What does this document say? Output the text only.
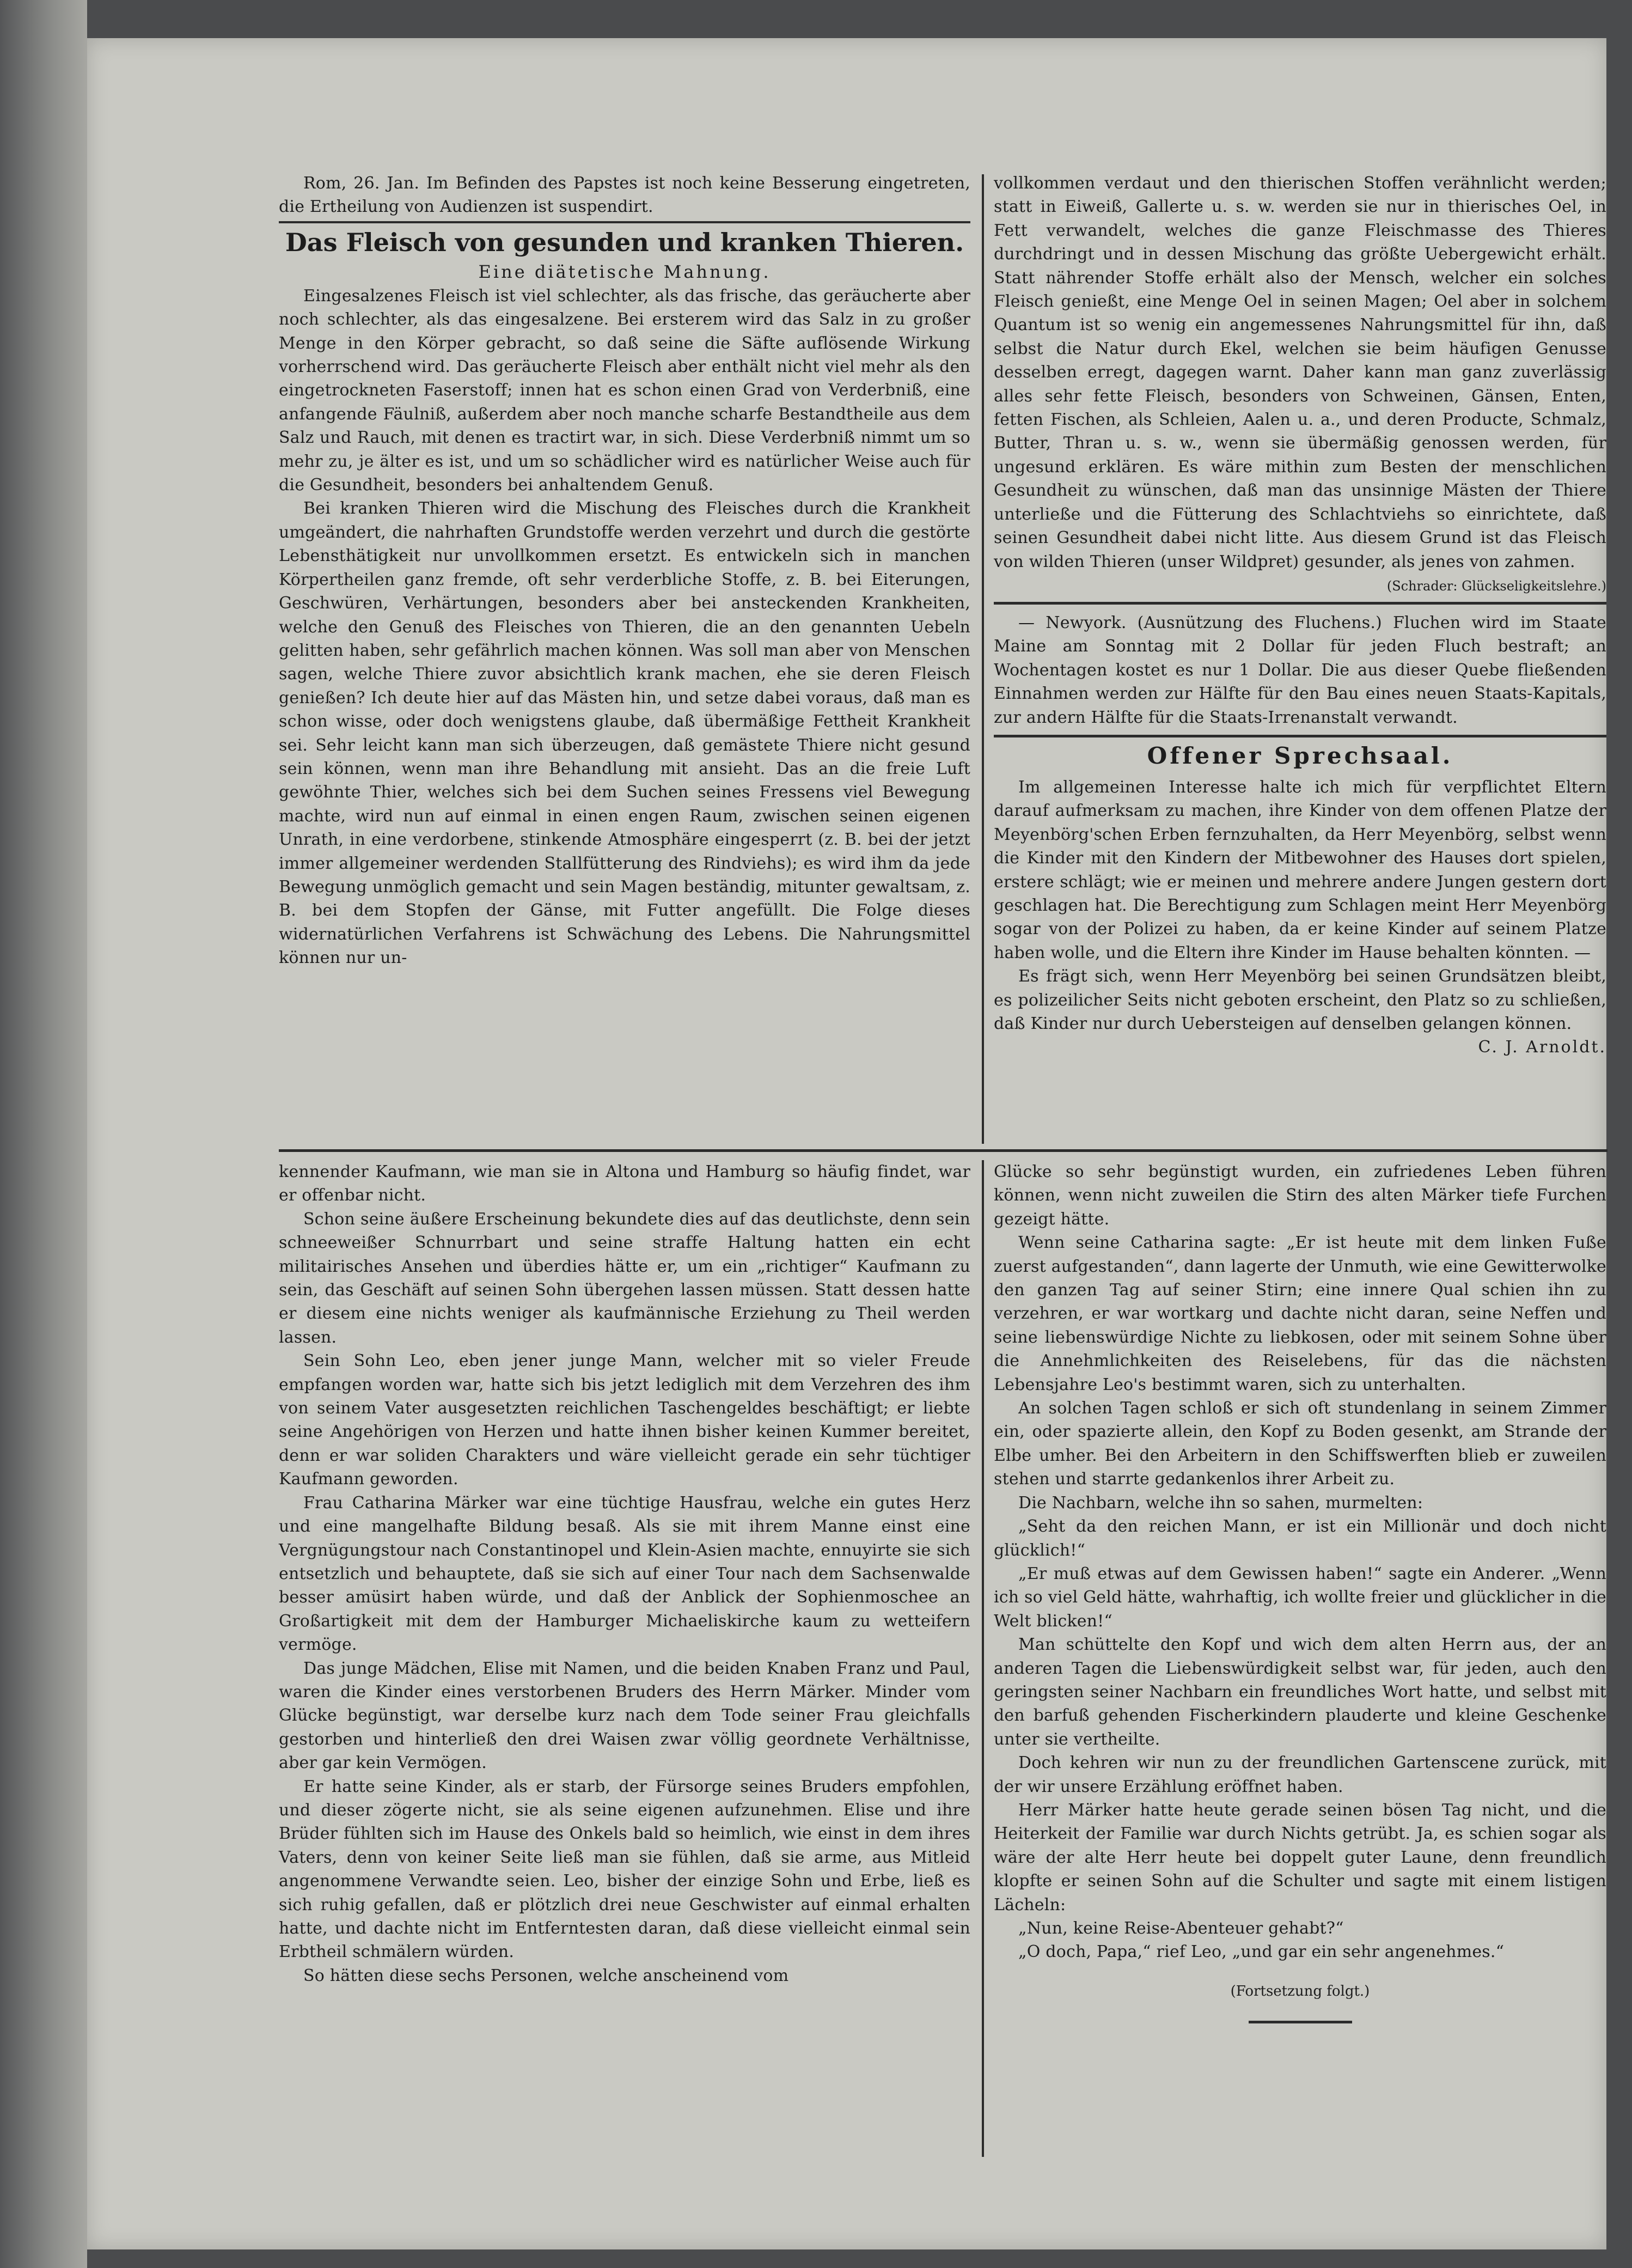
Rom, 26. Jan. Im Befinden des Papstes ist noch keine Besserung eingetreten, die Ertheilung von Audienzen ist suspendirt.

Das Fleisch von gesunden und kranken Thieren.
Eine diätetische Mahnung.

Eingesalzenes Fleisch ist viel schlechter, als das frische, das geräucherte aber noch schlechter, als das eingesalzene. Bei ersterem wird das Salz in zu großer Menge in den Körper gebracht, so daß seine die Säfte auflösende Wirkung vorherrschend wird. Das geräucherte Fleisch aber enthält nicht viel mehr als den eingetrockneten Faserstoff; innen hat es schon einen Grad von Verderbniß, eine anfangende Fäulniß, außerdem aber noch manche scharfe Bestandtheile aus dem Salz und Rauch, mit denen es tractirt war, in sich. Diese Verderbniß nimmt um so mehr zu, je älter es ist, und um so schädlicher wird es natürlicher Weise auch für die Gesundheit, besonders bei anhaltendem Genuß.

Bei kranken Thieren wird die Mischung des Fleisches durch die Krankheit umgeändert, die nahrhaften Grundstoffe werden verzehrt und durch die gestörte Lebensthätigkeit nur unvollkommen ersetzt. Es entwickeln sich in manchen Körpertheilen ganz fremde, oft sehr verderbliche Stoffe, z. B. bei Eiterungen, Geschwüren, Verhärtungen, besonders aber bei ansteckenden Krankheiten, welche den Genuß des Fleisches von Thieren, die an den genannten Uebeln gelitten haben, sehr gefährlich machen können. Was soll man aber von Menschen sagen, welche Thiere zuvor absichtlich krank machen, ehe sie deren Fleisch genießen? Ich deute hier auf das Mästen hin, und setze dabei voraus, daß man es schon wisse, oder doch wenigstens glaube, daß übermäßige Fettheit Krankheit sei. Sehr leicht kann man sich überzeugen, daß gemästete Thiere nicht gesund sein können, wenn man ihre Behandlung mit ansieht. Das an die freie Luft gewöhnte Thier, welches sich bei dem Suchen seines Fressens viel Bewegung machte, wird nun auf einmal in einen engen Raum, zwischen seinen eigenen Unrath, in eine verdorbene, stinkende Atmosphäre eingesperrt (z. B. bei der jetzt immer allgemeiner werdenden Stallfütterung des Rindviehs); es wird ihm da jede Bewegung unmöglich gemacht und sein Magen beständig, mitunter gewaltsam, z. B. bei dem Stopfen der Gänse, mit Futter angefüllt. Die Folge dieses widernatürlichen Verfahrens ist Schwächung des Lebens. Die Nahrungsmittel können nur un-

vollkommen verdaut und den thierischen Stoffen verähnlicht werden; statt in Eiweiß, Gallerte u. s. w. werden sie nur in thierisches Oel, in Fett verwandelt, welches die ganze Fleischmasse des Thieres durchdringt und in dessen Mischung das größte Uebergewicht erhält. Statt nährender Stoffe erhält also der Mensch, welcher ein solches Fleisch genießt, eine Menge Oel in seinen Magen; Oel aber in solchem Quantum ist so wenig ein angemessenes Nahrungsmittel für ihn, daß selbst die Natur durch Ekel, welchen sie beim häufigen Genusse desselben erregt, dagegen warnt. Daher kann man ganz zuverlässig alles sehr fette Fleisch, besonders von Schweinen, Gänsen, Enten, fetten Fischen, als Schleien, Aalen u. a., und deren Producte, Schmalz, Butter, Thran u. s. w., wenn sie übermäßig genossen werden, für ungesund erklären. Es wäre mithin zum Besten der menschlichen Gesundheit zu wünschen, daß man das unsinnige Mästen der Thiere unterließe und die Fütterung des Schlachtviehs so einrichtete, daß seinen Gesundheit dabei nicht litte. Aus diesem Grund ist das Fleisch von wilden Thieren (unser Wildpret) gesunder, als jenes von zahmen.

(Schrader: Glückseligkeitslehre.)

— Newyork. (Ausnützung des Fluchens.) Fluchen wird im Staate Maine am Sonntag mit 2 Dollar für jeden Fluch bestraft; an Wochentagen kostet es nur 1 Dollar. Die aus dieser Quebe fließenden Einnahmen werden zur Hälfte für den Bau eines neuen Staats-Kapitals, zur andern Hälfte für die Staats-Irrenanstalt verwandt.

Offener Sprechsaal.

Im allgemeinen Interesse halte ich mich für verpflichtet Eltern darauf aufmerksam zu machen, ihre Kinder von dem offenen Platze der Meyenbörg'schen Erben fernzuhalten, da Herr Meyenbörg, selbst wenn die Kinder mit den Kindern der Mitbewohner des Hauses dort spielen, erstere schlägt; wie er meinen und mehrere andere Jungen gestern dort geschlagen hat. Die Berechtigung zum Schlagen meint Herr Meyenbörg sogar von der Polizei zu haben, da er keine Kinder auf seinem Platze haben wolle, und die Eltern ihre Kinder im Hause behalten könnten. —

Es frägt sich, wenn Herr Meyenbörg bei seinen Grundsätzen bleibt, es polizeilicher Seits nicht geboten erscheint, den Platz so zu schließen, daß Kinder nur durch Uebersteigen auf denselben gelangen können.

C. J. Arnoldt.

kennender Kaufmann, wie man sie in Altona und Hamburg so häufig findet, war er offenbar nicht.

Schon seine äußere Erscheinung bekundete dies auf das deutlichste, denn sein schneeweißer Schnurrbart und seine straffe Haltung hatten ein echt militairisches Ansehen und überdies hätte er, um ein „richtiger“ Kaufmann zu sein, das Geschäft auf seinen Sohn übergehen lassen müssen. Statt dessen hatte er diesem eine nichts weniger als kaufmännische Erziehung zu Theil werden lassen.

Sein Sohn Leo, eben jener junge Mann, welcher mit so vieler Freude empfangen worden war, hatte sich bis jetzt lediglich mit dem Verzehren des ihm von seinem Vater ausgesetzten reichlichen Taschengeldes beschäftigt; er liebte seine Angehörigen von Herzen und hatte ihnen bisher keinen Kummer bereitet, denn er war soliden Charakters und wäre vielleicht gerade ein sehr tüchtiger Kaufmann geworden.

Frau Catharina Märker war eine tüchtige Hausfrau, welche ein gutes Herz und eine mangelhafte Bildung besaß. Als sie mit ihrem Manne einst eine Vergnügungstour nach Constantinopel und Klein-Asien machte, ennuyirte sie sich entsetzlich und behauptete, daß sie sich auf einer Tour nach dem Sachsenwalde besser amüsirt haben würde, und daß der Anblick der Sophienmoschee an Großartigkeit mit dem der Hamburger Michaeliskirche kaum zu wetteifern vermöge.

Das junge Mädchen, Elise mit Namen, und die beiden Knaben Franz und Paul, waren die Kinder eines verstorbenen Bruders des Herrn Märker. Minder vom Glücke begünstigt, war derselbe kurz nach dem Tode seiner Frau gleichfalls gestorben und hinterließ den drei Waisen zwar völlig geordnete Verhältnisse, aber gar kein Vermögen.

Er hatte seine Kinder, als er starb, der Fürsorge seines Bruders empfohlen, und dieser zögerte nicht, sie als seine eigenen aufzunehmen. Elise und ihre Brüder fühlten sich im Hause des Onkels bald so heimlich, wie einst in dem ihres Vaters, denn von keiner Seite ließ man sie fühlen, daß sie arme, aus Mitleid angenommene Verwandte seien. Leo, bisher der einzige Sohn und Erbe, ließ es sich ruhig gefallen, daß er plötzlich drei neue Geschwister auf einmal erhalten hatte, und dachte nicht im Entferntesten daran, daß diese vielleicht einmal sein Erbtheil schmälern würden.

So hätten diese sechs Personen, welche anscheinend vom

Glücke so sehr begünstigt wurden, ein zufriedenes Leben führen können, wenn nicht zuweilen die Stirn des alten Märker tiefe Furchen gezeigt hätte.

Wenn seine Catharina sagte: „Er ist heute mit dem linken Fuße zuerst aufgestanden“, dann lagerte der Unmuth, wie eine Gewitterwolke den ganzen Tag auf seiner Stirn; eine innere Qual schien ihn zu verzehren, er war wortkarg und dachte nicht daran, seine Neffen und seine liebenswürdige Nichte zu liebkosen, oder mit seinem Sohne über die Annehmlichkeiten des Reiselebens, für das die nächsten Lebensjahre Leo's bestimmt waren, sich zu unterhalten.

An solchen Tagen schloß er sich oft stundenlang in seinem Zimmer ein, oder spazierte allein, den Kopf zu Boden gesenkt, am Strande der Elbe umher. Bei den Arbeitern in den Schiffswerften blieb er zuweilen stehen und starrte gedankenlos ihrer Arbeit zu.

Die Nachbarn, welche ihn so sahen, murmelten:

„Seht da den reichen Mann, er ist ein Millionär und doch nicht glücklich!“

„Er muß etwas auf dem Gewissen haben!“ sagte ein Anderer. „Wenn ich so viel Geld hätte, wahrhaftig, ich wollte freier und glücklicher in die Welt blicken!“

Man schüttelte den Kopf und wich dem alten Herrn aus, der an anderen Tagen die Liebenswürdigkeit selbst war, für jeden, auch den geringsten seiner Nachbarn ein freundliches Wort hatte, und selbst mit den barfuß gehenden Fischerkindern plauderte und kleine Geschenke unter sie vertheilte.

Doch kehren wir nun zu der freundlichen Gartenscene zurück, mit der wir unsere Erzählung eröffnet haben.

Herr Märker hatte heute gerade seinen bösen Tag nicht, und die Heiterkeit der Familie war durch Nichts getrübt. Ja, es schien sogar als wäre der alte Herr heute bei doppelt guter Laune, denn freundlich klopfte er seinen Sohn auf die Schulter und sagte mit einem listigen Lächeln:

„Nun, keine Reise-Abenteuer gehabt?“

„O doch, Papa,“ rief Leo, „und gar ein sehr angenehmes.“

(Fortsetzung folgt.)
